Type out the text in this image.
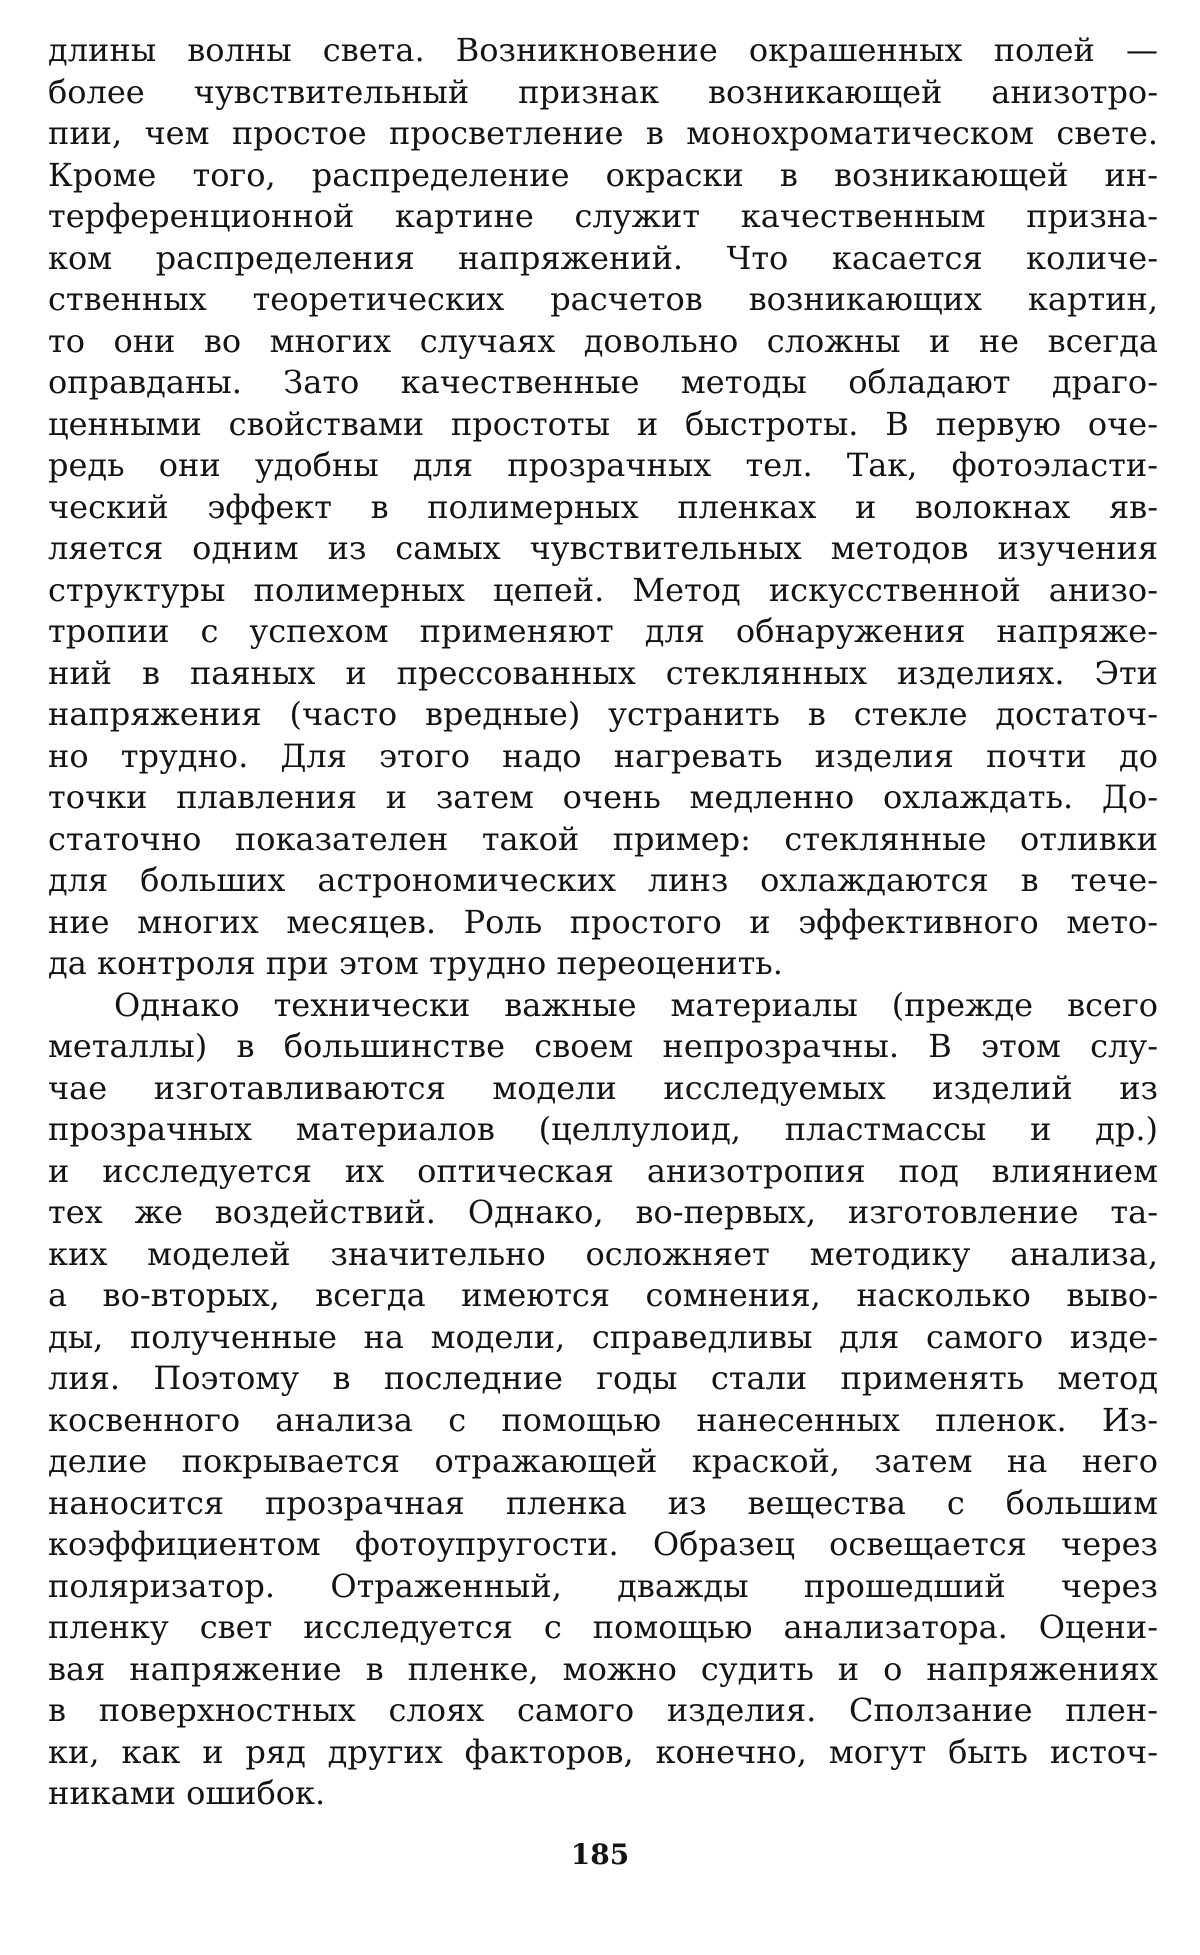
длины волны света. Возникновение окрашенных полей —
более чувствительный признак возникающей анизотро-
пии, чем простое просветление в монохроматическом свете.
Кроме того, распределение окраски в возникающей ин-
терференционной картине служит качественным призна-
ком распределения напряжений. Что касается количе-
ственных теоретических расчетов возникающих картин,
то они во многих случаях довольно сложны и не всегда
оправданы. Зато качественные методы обладают драго-
ценными свойствами простоты и быстроты. В первую оче-
редь они удобны для прозрачных тел. Так, фотоэласти-
ческий эффект в полимерных пленках и волокнах яв-
ляется одним из самых чувствительных методов изучения
структуры полимерных цепей. Метод искусственной анизо-
тропии с успехом применяют для обнаружения напряже-
ний в паяных и прессованных стеклянных изделиях. Эти
напряжения (часто вредные) устранить в стекле достаточ-
но трудно. Для этого надо нагревать изделия почти до
точки плавления и затем очень медленно охлаждать. До-
статочно показателен такой пример: стеклянные отливки
для больших астрономических линз охлаждаются в тече-
ние многих месяцев. Роль простого и эффективного мето-
да контроля при этом трудно переоценить.
Однако технически важные материалы (прежде всего
металлы) в большинстве своем непрозрачны. В этом слу-
чае изготавливаются модели исследуемых изделий из
прозрачных материалов (целлулоид, пластмассы и др.)
и исследуется их оптическая анизотропия под влиянием
тех же воздействий. Однако, во-первых, изготовление та-
ких моделей значительно осложняет методику анализа,
а во-вторых, всегда имеются сомнения, насколько выво-
ды, полученные на модели, справедливы для самого изде-
лия. Поэтому в последние годы стали применять метод
косвенного анализа с помощью нанесенных пленок. Из-
делие покрывается отражающей краской, затем на него
наносится прозрачная пленка из вещества с большим
коэффициентом фотоупругости. Образец освещается через
поляризатор. Отраженный, дважды прошедший через
пленку свет исследуется с помощью анализатора. Оцени-
вая напряжение в пленке, можно судить и о напряжениях
в поверхностных слоях самого изделия. Сползание плен-
ки, как и ряд других факторов, конечно, могут быть источ-
никами ошибок.
185
